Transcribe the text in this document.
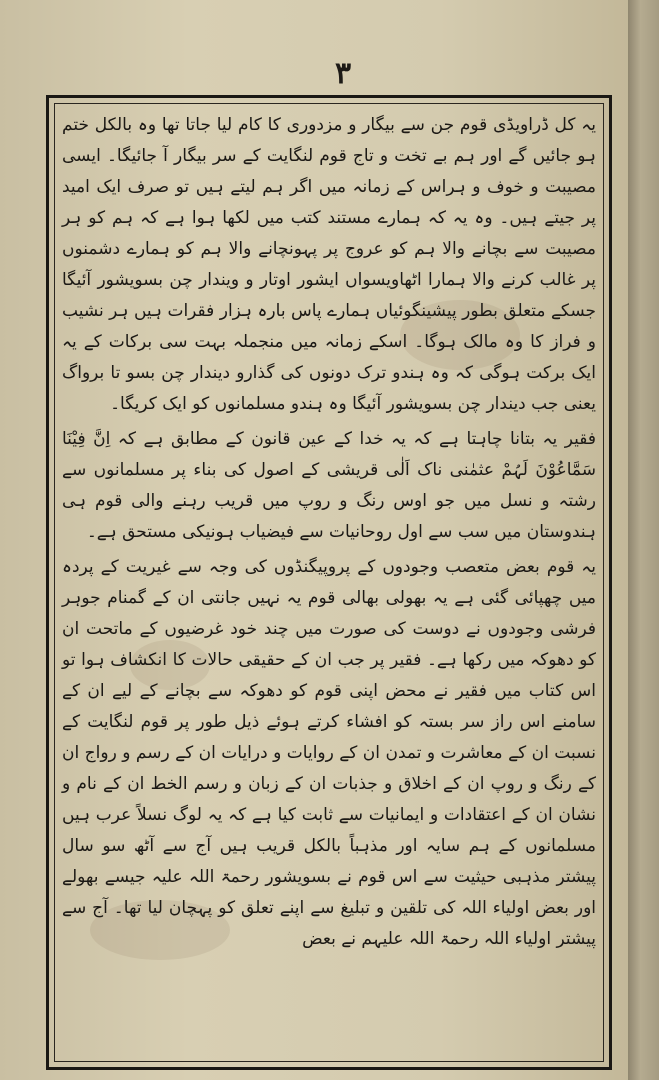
۳

یہ کل ڈراویڈی قوم جن سے بیگار و مزدوری کا کام لیا جاتا تھا وہ بالکل ختم ہو جائیں گے اور ہم بے تخت و تاج قوم لنگایت کے سر بیگار آ جائیگا۔ ایسی مصیبت و خوف و ہراس کے زمانہ میں اگر ہم لیتے ہیں تو صرف ایک امید پر جیتے ہیں۔ وہ یہ کہ ہمارے مستند کتب میں لکھا ہوا ہے کہ ہم کو ہر مصیبت سے بچانے والا ہم کو عروج پر پہونچانے والا ہم کو ہمارے دشمنوں پر غالب کرنے والا ہمارا اٹھاویسواں ایشور اوتار و ویندار چن بسویشور آئیگا جسکے متعلق بطور پیشینگوئیاں ہمارے پاس بارہ ہزار فقرات ہیں ہر نشیب و فراز کا وہ مالک ہوگا۔ اسکے زمانہ میں منجملہ بہت سی برکات کے یہ ایک برکت ہوگی کہ وہ ہندو ترک دونوں کی گذارو دیندار چن بسو تا برواگ یعنی جب دیندار چن بسویشور آئیگا وہ ہندو مسلمانوں کو ایک کریگا۔

فقیر یہ بتانا چاہتا ہے کہ یہ خدا کے عین قانون کے مطابق ہے کہ اِنَّ فِیْنَا سَمَّاعُوْنَ لَہُمْ عثمٰنی ناک اَلٰی قریشی کے اصول کی بناء پر مسلمانوں سے رشتہ و نسل میں جو اوس رنگ و روپ میں قریب رہنے والی قوم ہی ہندوستان میں سب سے اول روحانیات سے فیضیاب ہونیکی مستحق ہے۔

یہ قوم بعض متعصب وجودوں کے پروپیگنڈوں کی وجہ سے غیریت کے پردہ میں چھپائی گئی ہے یہ بھولی بھالی قوم یہ نہیں جانتی ان کے گمنام جوہر فرشی وجودوں نے دوست کی صورت میں چند خود غرضیوں کے ماتحت ان کو دھوکہ میں رکھا ہے۔ فقیر پر جب ان کے حقیقی حالات کا انکشاف ہوا تو اس کتاب میں فقیر نے محض اپنی قوم کو دھوکہ سے بچانے کے لیے ان کے سامنے اس راز سر بستہ کو افشاء کرتے ہوئے ذیل طور پر قوم لنگایت کے نسبت ان کے معاشرت و تمدن ان کے روایات و درایات ان کے رسم و رواج ان کے رنگ و روپ ان کے اخلاق و جذبات ان کے زبان و رسم الخط ان کے نام و نشان ان کے اعتقادات و ایمانیات سے ثابت کیا ہے کہ یہ لوگ نسلاً عرب ہیں مسلمانوں کے ہم سایہ اور مذہباً بالکل قریب ہیں آج سے آٹھ سو سال پیشتر مذہبی حیثیت سے اس قوم نے بسویشور رحمۃ اللہ علیہ جیسے بھولے اور بعض اولیاء اللہ کی تلقین و تبلیغ سے اپنے تعلق کو پہچان لیا تھا۔ آج سے پیشتر اولیاء اللہ رحمۃ اللہ علیہم نے بعض
